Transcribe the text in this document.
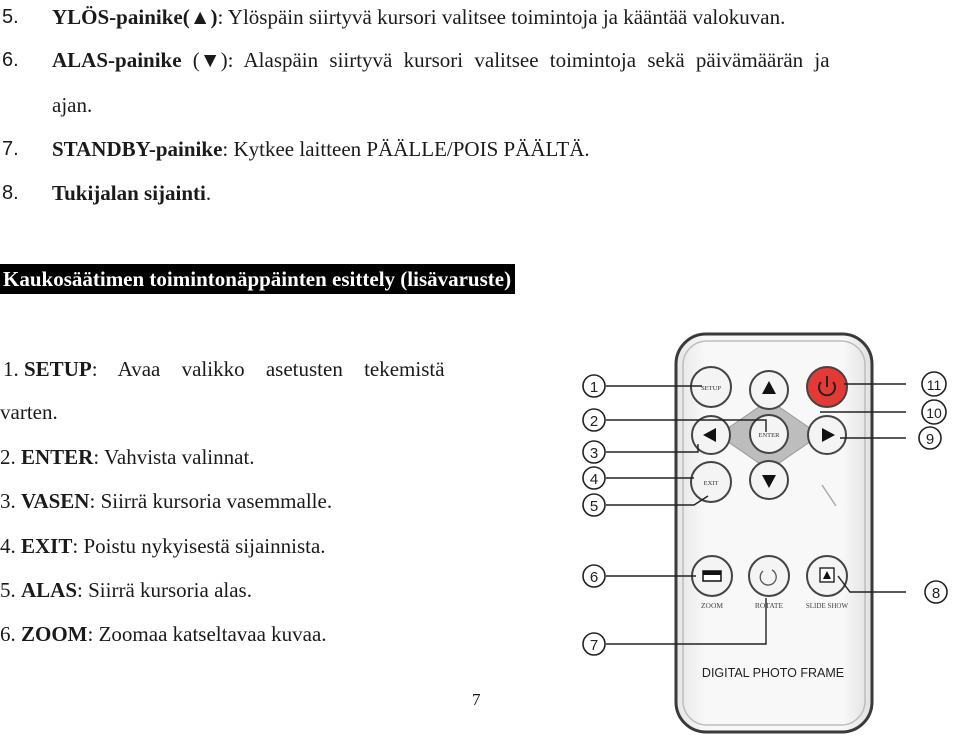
5. YLÖS-painike(▲): Ylöspäin siirtyvä kursori valitsee toimintoja ja kääntää valokuvan.
6. ALAS-painike (▼): Alaspäin siirtyvä kursori valitsee toimintoja sekä päivämäärän ja
ajan.
7. STANDBY-painike: Kytkee laitteen PÄÄLLE/POIS PÄÄLTÄ.
8. Tukijalan sijainti.
Kaukosäätimen toimintonäppäinten esittely (lisävaruste)
1. SETUP: Avaa valikko asetusten tekemistä
varten.
2. ENTER: Vahvista valinnat.
3. VASEN: Siirrä kursoria vasemmalle.
4. EXIT: Poistu nykyisestä sijainnista.
5. ALAS: Siirrä kursoria alas.
6. ZOOM: Zoomaa katseltavaa kuvaa.
SETUP
ENTER
EXIT
ZOOM	ROTATE	SLIDE SHOW
DIGITAL PHOTO FRAME
1
2
3
4
5
6
7
8
9
10
11
7
